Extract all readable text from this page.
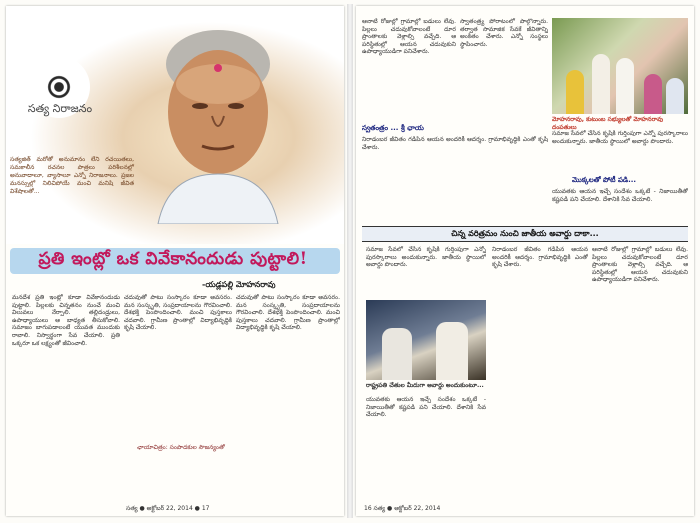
సత్య నిరాజనం
సత్యజిత్ మరోతో అనుమానం లేని రచయితలు, సమకాలీన రచనల పాత్రలు పరిశీలనల్లో అనువాదాలూ, వ్యాసాలూ ఎన్నో నిరాజనాలు. ప్రజల మనస్సుల్లో నిలిచిపోయే మంచి మనిషి జీవిత విశేషాలతో...
ప్రతి ఇంట్లో ఒక వివేకానందుడు పుట్టాలి!
-యడ్లపల్లి మోహనరావు
మనదేశ ప్రతి ఇంట్లో కూడా వివేకానందుడు పుట్టాలి. పిల్లలకు చిన్నతనం నుంచే మంచి విలువలు నేర్పాలి. తల్లిదండ్రులు, ఉపాధ్యాయులు ఆ బాధ్యత తీసుకోవాలి. సమాజం బాగుపడాలంటే యువత ముందుకు రావాలి. నిస్వార్థంగా సేవ చేయాలి. ప్రతి ఒక్కరూ ఒక లక్ష్యంతో జీవించాలి.
చదువుతో పాటు సంస్కారం కూడా అవసరం. మన సంస్కృతి, సంప్రదాయాలను గౌరవించాలి. దేశభక్తి పెంపొందించాలి. మంచి పుస్తకాలు చదవాలి. గ్రామీణ ప్రాంతాల్లో విద్యాభివృద్ధికి కృషి చేయాలి.
చదువుతో పాటు సంస్కారం కూడా అవసరం. మన సంస్కృతి, సంప్రదాయాలను గౌరవించాలి. దేశభక్తి పెంపొందించాలి. మంచి పుస్తకాలు చదవాలి. గ్రామీణ ప్రాంతాల్లో విద్యాభివృద్ధికి కృషి చేయాలి.
ఛాయాచిత్రం: సంపాదకుల సౌజన్యంతో
సత్య ● అక్టోబర్ 22, 2014 ● 17
ఆనాటి రోజుల్లో గ్రామాల్లో బడులు లేవు. పిల్లలు చదువుకోవాలంటే దూర ప్రాంతాలకు వెళ్లాల్సి వచ్చేది. ఆ పరిస్థితుల్లో ఆయన చదువుకుని ఉపాధ్యాయుడిగా పనిచేశారు.
స్వాతంత్ర్య పోరాటంలో పాల్గొన్నారు. తర్వాత సామాజిక సేవకే జీవితాన్ని అంకితం చేశారు. ఎన్నో సంస్థలు స్థాపించారు.
మోహనరావు, కుటుంబ సభ్యులతో మోహనరావు దంపతులు
స్వతంత్రం ... శ్రీ ఛాయ
నిరాడంబర జీవితం గడిపిన ఆయన అందరికీ ఆదర్శం. గ్రామాభివృద్ధికి ఎంతో కృషి చేశారు.
మొక్కలతో పోటీ పడి...
సమాజ సేవలో చేసిన కృషికి గుర్తింపుగా ఎన్నో పురస్కారాలు అందుకున్నారు. జాతీయ స్థాయిలో అవార్డు పొందారు.
యువతకు ఆయన ఇచ్చే సందేశం ఒక్కటే - నిజాయితీతో కష్టపడి పని చేయాలి. దేశానికి సేవ చేయాలి.
చిన్న వరిత్రమం నుంచి జాతీయ అవార్డు దాకా...
సమాజ సేవలో చేసిన కృషికి గుర్తింపుగా ఎన్నో పురస్కారాలు అందుకున్నారు. జాతీయ స్థాయిలో అవార్డు పొందారు.
రాష్ట్రపతి చేతుల మీదుగా అవార్డు అందుకుంటూ...
యువతకు ఆయన ఇచ్చే సందేశం ఒక్కటే - నిజాయితీతో కష్టపడి పని చేయాలి. దేశానికి సేవ చేయాలి.
నిరాడంబర జీవితం గడిపిన ఆయన అందరికీ ఆదర్శం. గ్రామాభివృద్ధికి ఎంతో కృషి చేశారు.
ఆనాటి రోజుల్లో గ్రామాల్లో బడులు లేవు. పిల్లలు చదువుకోవాలంటే దూర ప్రాంతాలకు వెళ్లాల్సి వచ్చేది. ఆ పరిస్థితుల్లో ఆయన చదువుకుని ఉపాధ్యాయుడిగా పనిచేశారు.
16 సత్య ● అక్టోబర్ 22, 2014
